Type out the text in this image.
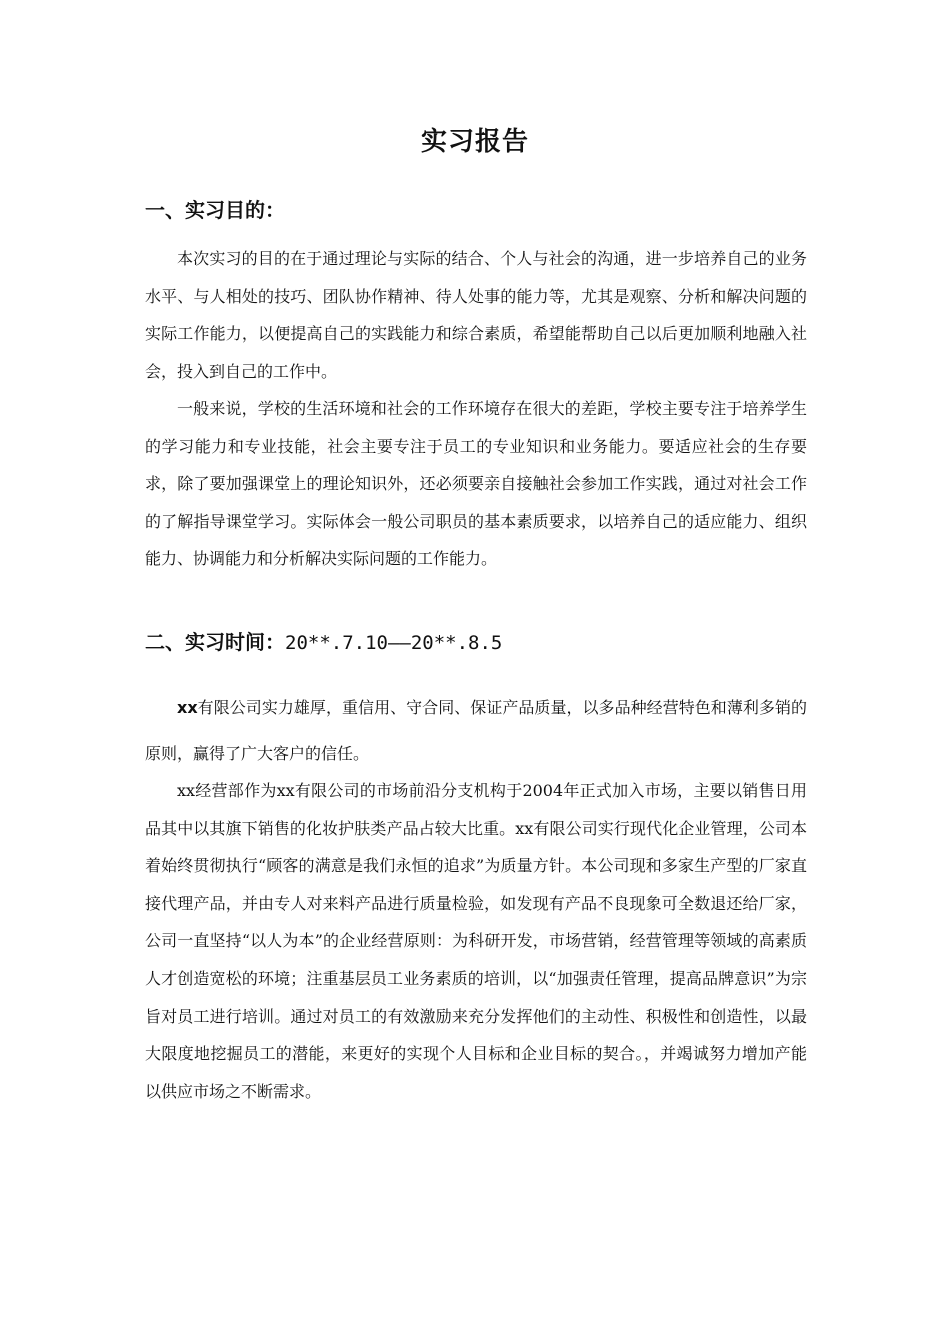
实习报告
一、实习目的：

本次实习的目的在于通过理论与实际的结合、个人与社会的沟通，进一步培养自己的业务水平、与人相处的技巧、团队协作精神、待人处事的能力等，尤其是观察、分析和解决问题的实际工作能力，以便提高自己的实践能力和综合素质，希望能帮助自己以后更加顺利地融入社会，投入到自己的工作中。

一般来说，学校的生活环境和社会的工作环境存在很大的差距，学校主要专注于培养学生的学习能力和专业技能，社会主要专注于员工的专业知识和业务能力。要适应社会的生存要求，除了要加强课堂上的理论知识外，还必须要亲自接触社会参加工作实践，通过对社会工作的了解指导课堂学习。实际体会一般公司职员的基本素质要求，以培养自己的适应能力、组织能力、协调能力和分析解决实际问题的工作能力。

二、实习时间：20**.7.10——20**.8.5

xx有限公司实力雄厚，重信用、守合同、保证产品质量，以多品种经营特色和薄利多销的原则，赢得了广大客户的信任。

xx经营部作为xx有限公司的市场前沿分支机构于2004年正式加入市场，主要以销售日用品其中以其旗下销售的化妆护肤类产品占较大比重。xx有限公司实行现代化企业管理，公司本着始终贯彻执行“顾客的满意是我们永恒的追求”为质量方针。本公司现和多家生产型的厂家直接代理产品，并由专人对来料产品进行质量检验，如发现有产品不良现象可全数退还给厂家，公司一直坚持“以人为本”的企业经营原则：为科研开发，市场营销，经营管理等领域的高素质人才创造宽松的环境；注重基层员工业务素质的培训，以“加强责任管理，提高品牌意识”为宗旨对员工进行培训。通过对员工的有效激励来充分发挥他们的主动性、积极性和创造性，以最大限度地挖掘员工的潜能，来更好的实现个人目标和企业目标的契合。，并竭诚努力增加产能以供应市场之不断需求。
